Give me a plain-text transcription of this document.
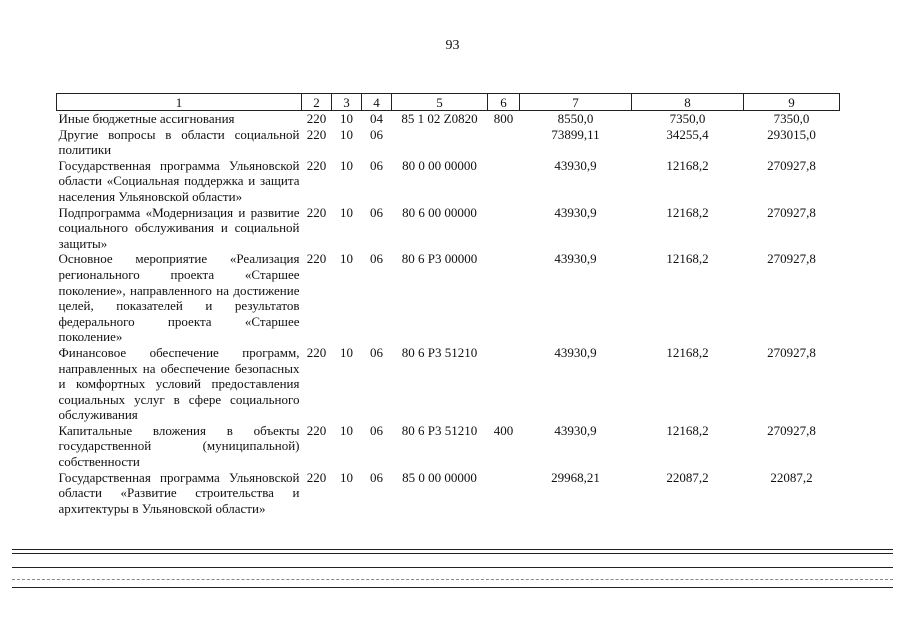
93
1	2	3	4	5	6	7	8	9
Иные бюджетные ассигнования	220	10	04	85 1 02 Z0820	800	8550,0	7350,0	7350,0
Другие вопросы в области социальной политики	220	10	06			73899,11	34255,4	293015,0
Государственная программа Ульяновской области «Социальная поддержка и защита населения Ульяновской области»	220	10	06	80 0 00 00000		43930,9	12168,2	270927,8
Подпрограмма «Модернизация и развитие социального обслуживания и социальной защиты»	220	10	06	80 6 00 00000		43930,9	12168,2	270927,8
Основное мероприятие «Реализация регионального проекта «Старшее поколение», направленного на достижение целей, показателей и результатов федерального проекта «Старшее поколение»	220	10	06	80 6 P3 00000		43930,9	12168,2	270927,8
Финансовое обеспечение программ, направленных на обеспечение безопасных и комфортных условий предоставления социальных услуг в сфере социального обслуживания	220	10	06	80 6 P3 51210		43930,9	12168,2	270927,8
Капитальные вложения в объекты государственной (муниципальной) собственности	220	10	06	80 6 P3 51210	400	43930,9	12168,2	270927,8
Государственная программа Ульяновской области «Развитие строительства и архитектуры в Ульяновской области»	220	10	06	85 0 00 00000		29968,21	22087,2	22087,2
